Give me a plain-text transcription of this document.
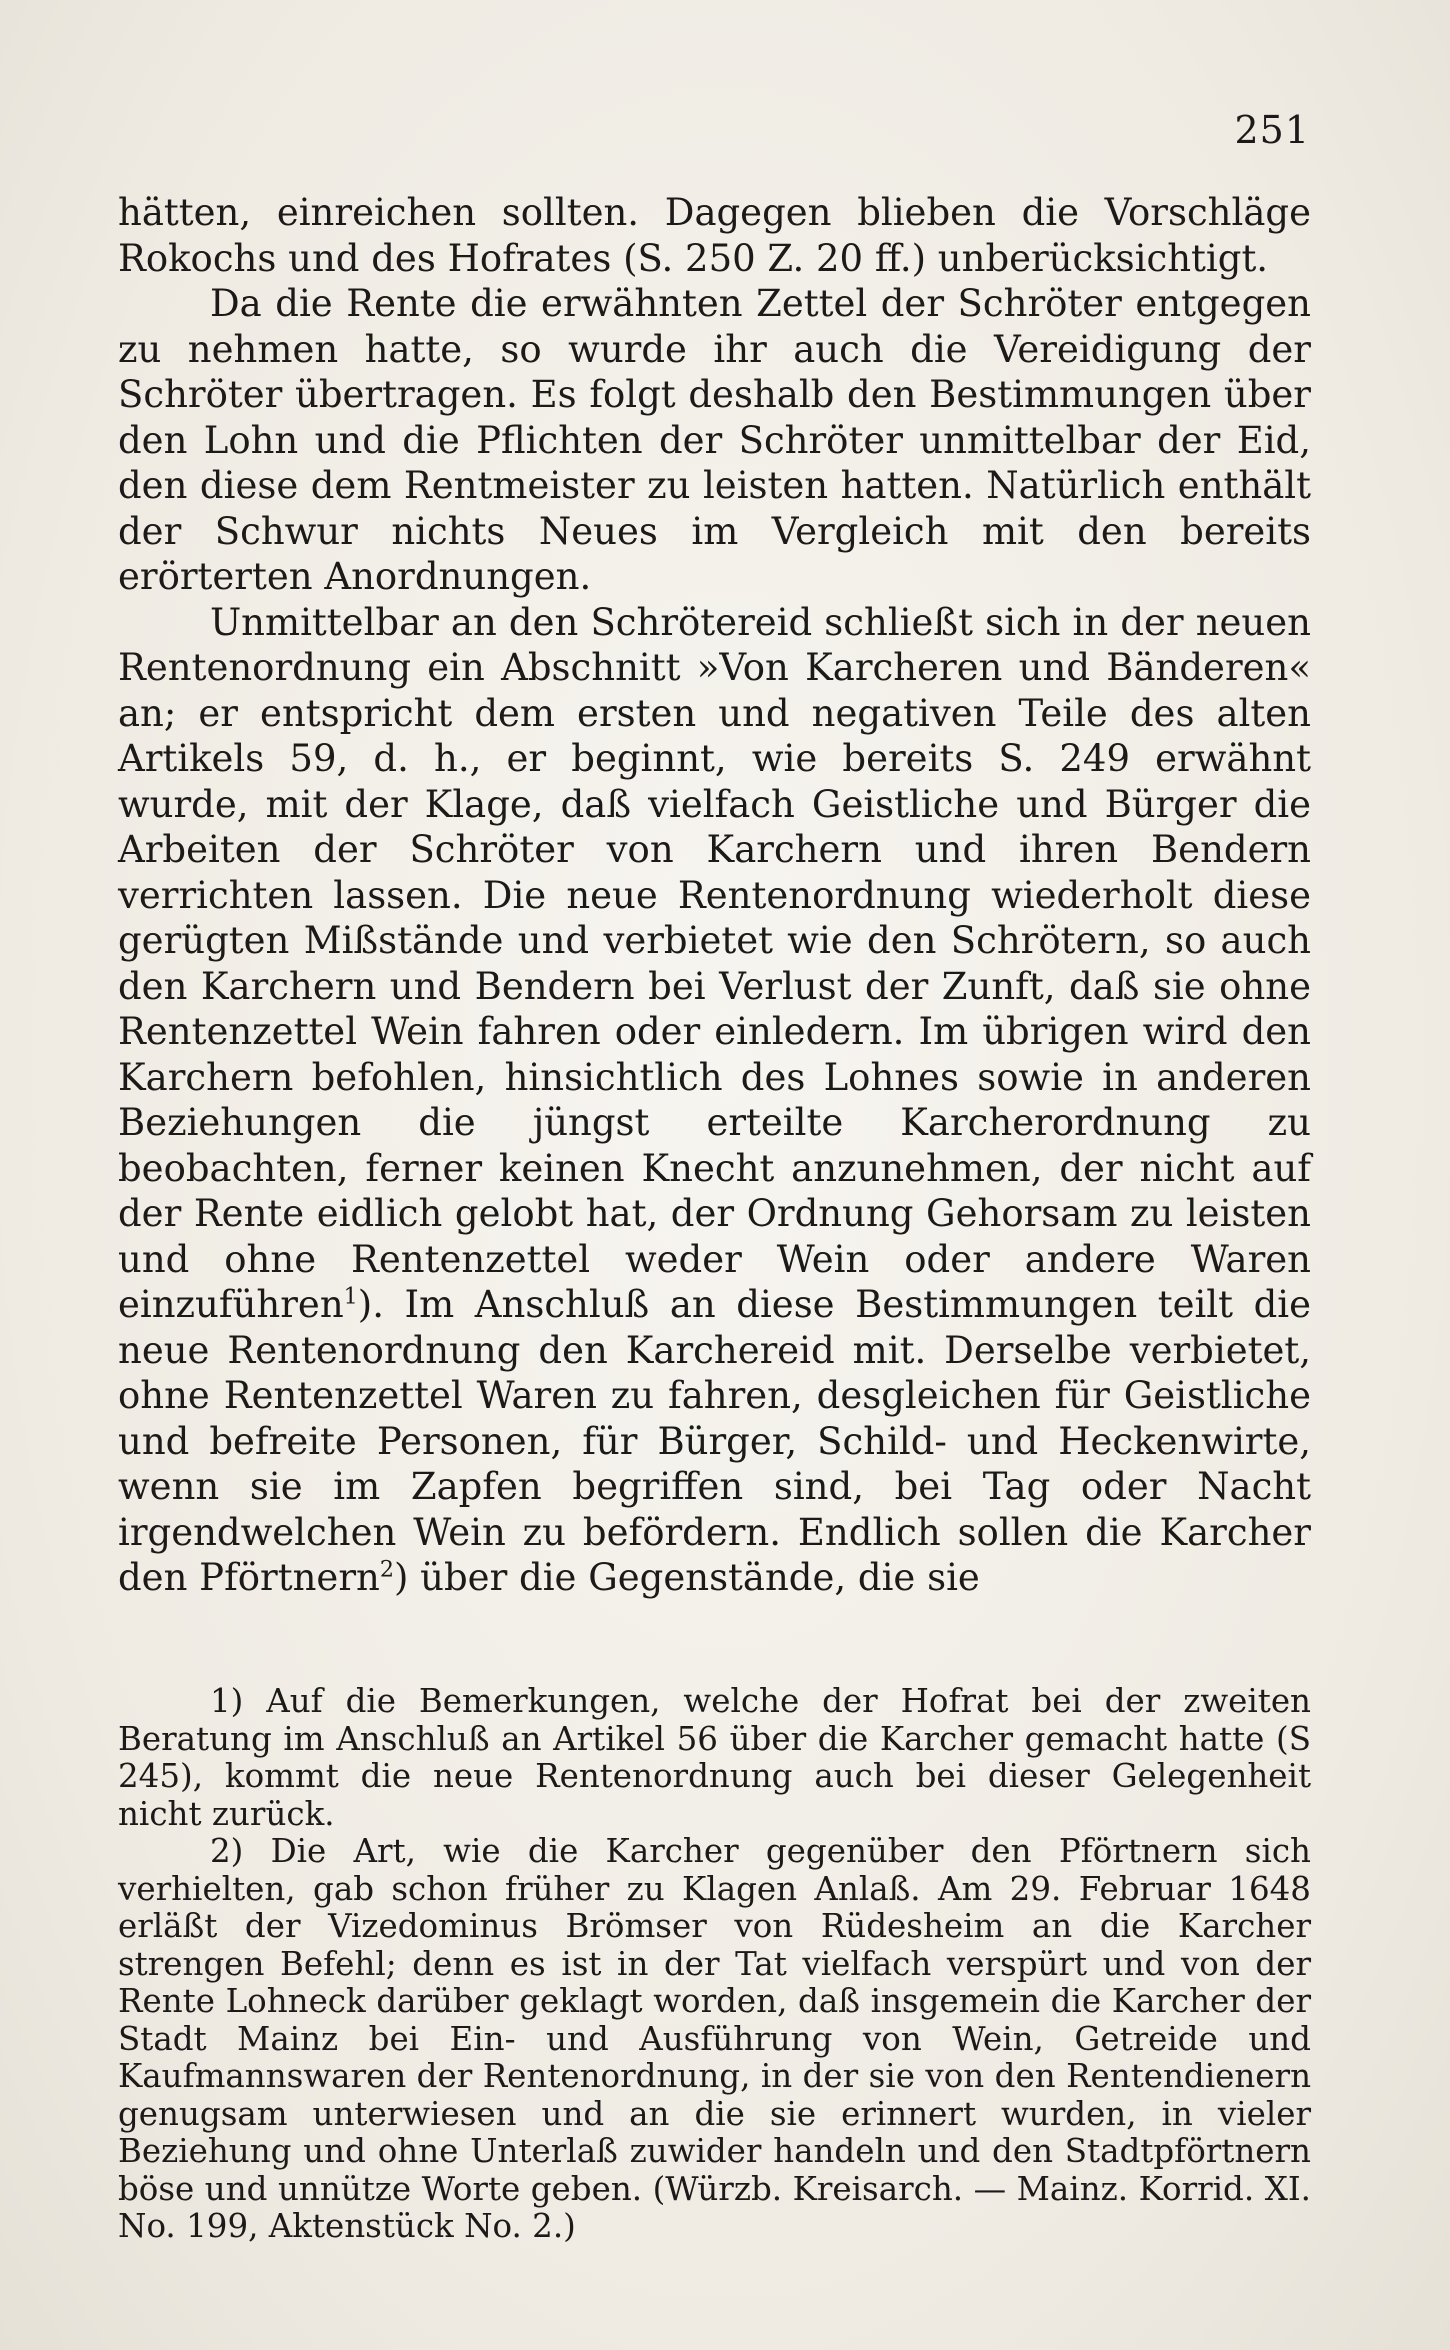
251

hätten, einreichen sollten. Dagegen blieben die Vorschläge Rokochs und des Hofrates (S. 250 Z. 20 ff.) unberücksichtigt.

Da die Rente die erwähnten Zettel der Schröter entgegen zu nehmen hatte, so wurde ihr auch die Vereidigung der Schröter übertragen. Es folgt deshalb den Bestimmungen über den Lohn und die Pflichten der Schröter unmittelbar der Eid, den diese dem Rentmeister zu leisten hatten. Natürlich enthält der Schwur nichts Neues im Vergleich mit den bereits erörterten Anordnungen.

Unmittelbar an den Schrötereid schließt sich in der neuen Rentenordnung ein Abschnitt »Von Karcheren und Bänderen« an; er entspricht dem ersten und negativen Teile des alten Artikels 59, d. h., er beginnt, wie bereits S. 249 erwähnt wurde, mit der Klage, daß vielfach Geistliche und Bürger die Arbeiten der Schröter von Karchern und ihren Bendern verrichten lassen. Die neue Rentenordnung wiederholt diese gerügten Mißstände und verbietet wie den Schrötern, so auch den Karchern und Bendern bei Verlust der Zunft, daß sie ohne Rentenzettel Wein fahren oder einledern. Im übrigen wird den Karchern befohlen, hinsichtlich des Lohnes sowie in anderen Beziehungen die jüngst erteilte Karcherordnung zu beobachten, ferner keinen Knecht anzunehmen, der nicht auf der Rente eidlich gelobt hat, der Ordnung Gehorsam zu leisten und ohne Rentenzettel weder Wein oder andere Waren einzuführen$^1$). Im Anschluß an diese Bestimmungen teilt die neue Rentenordnung den Karchereid mit. Derselbe verbietet, ohne Rentenzettel Waren zu fahren, desgleichen für Geistliche und befreite Personen, für Bürger, Schild- und Heckenwirte, wenn sie im Zapfen begriffen sind, bei Tag oder Nacht irgendwelchen Wein zu befördern. Endlich sollen die Karcher den Pförtnern$^2$) über die Gegenstände, die sie

1) Auf die Bemerkungen, welche der Hofrat bei der zweiten Beratung im Anschluß an Artikel 56 über die Karcher gemacht hatte (S 245), kommt die neue Rentenordnung auch bei dieser Gelegenheit nicht zurück.

2) Die Art, wie die Karcher gegenüber den Pförtnern sich verhielten, gab schon früher zu Klagen Anlaß. Am 29. Februar 1648 erläßt der Vizedominus Brömser von Rüdesheim an die Karcher strengen Befehl; denn es ist in der Tat vielfach verspürt und von der Rente Lohneck darüber geklagt worden, daß insgemein die Karcher der Stadt Mainz bei Ein- und Ausführung von Wein, Getreide und Kaufmannswaren der Rentenordnung, in der sie von den Rentendienern genugsam unterwiesen und an die sie erinnert wurden, in vieler Beziehung und ohne Unterlaß zuwider handeln und den Stadtpförtnern böse und unnütze Worte geben. (Würzb. Kreisarch. — Mainz. Korrid. XI. No. 199, Aktenstück No. 2.)
